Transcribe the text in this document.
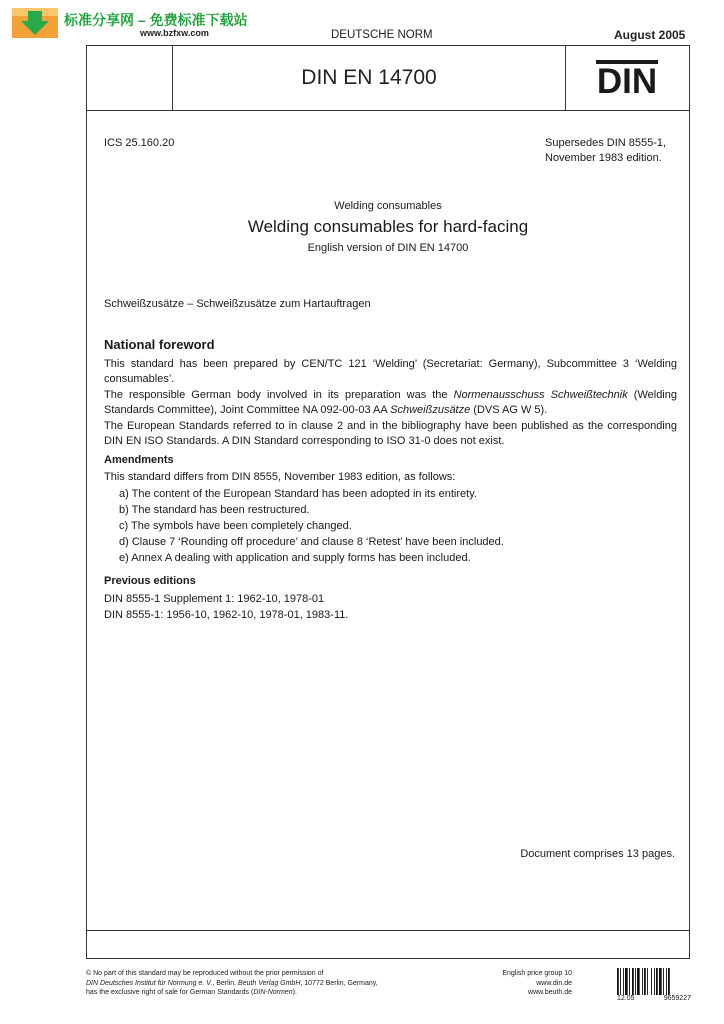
标准分享网 – 免费标准下载站
www.bzfxw.com	DEUTSCHE NORM	August 2005
DIN EN 14700	DIN
ICS 25.160.20	Supersedes DIN 8555-1,
November 1983 edition.
Welding consumables
Welding consumables for hard-facing
English version of DIN EN 14700
Schweißzusätze – Schweißzusätze zum Hartauftragen
National foreword
This standard has been prepared by CEN/TC 121 ‘Welding’ (Secretariat: Germany), Subcommittee 3 ‘Welding consumables’.
The responsible German body involved in its preparation was the Normenausschuss Schweißtechnik (Welding Standards Committee), Joint Committee NA 092-00-03 AA Schweißzusätze (DVS AG W 5).
The European Standards referred to in clause 2 and in the bibliography have been published as the corresponding DIN EN ISO Standards. A DIN Standard corresponding to ISO 31-0 does not exist.
Amendments
This standard differs from DIN 8555, November 1983 edition, as follows:
a) The content of the European Standard has been adopted in its entirety.
b) The standard has been restructured.
c) The symbols have been completely changed.
d) Clause 7 ‘Rounding off procedure’ and clause 8 ‘Retest’ have been included.
e) Annex A dealing with application and supply forms has been included.
Previous editions
DIN 8555-1 Supplement 1: 1962-10, 1978-01
DIN 8555-1: 1956-10, 1962-10, 1978-01, 1983-11.
Document comprises 13 pages.
© No part of this standard may be reproduced without the prior permission of
DIN Deutsches Institut für Normung e. V., Berlin. Beuth Verlag GmbH, 10772 Berlin, Germany,
has the exclusive right of sale for German Standards (DIN-Normen).
English price group 10
www.din.de
www.beuth.de
12.05	9659227
